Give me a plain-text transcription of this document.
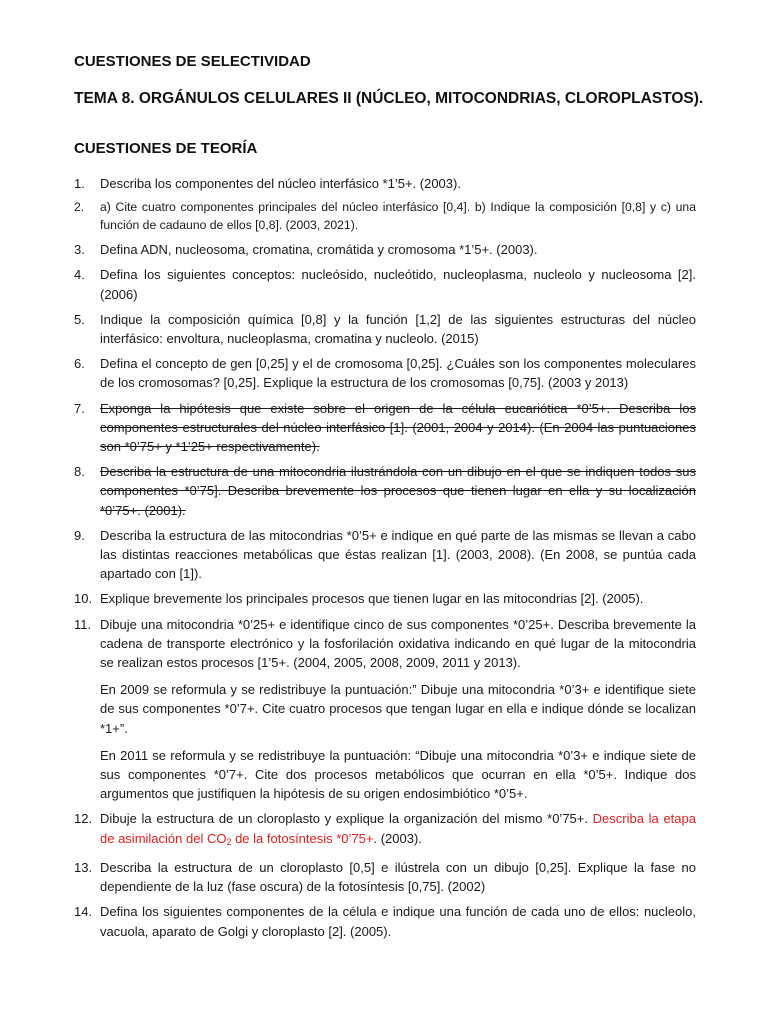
CUESTIONES DE SELECTIVIDAD
TEMA 8. ORGÁNULOS CELULARES II (NÚCLEO, MITOCONDRIAS, CLOROPLASTOS).
CUESTIONES DE TEORÍA
1. Describa los componentes del núcleo interfásico *1’5+. (2003).
2. a) Cite cuatro componentes principales del núcleo interfásico [0,4]. b) Indique la composición [0,8] y c) una función de cadauno de ellos [0,8]. (2003, 2021).
3. Defina ADN, nucleosoma, cromatina, cromátida y cromosoma *1’5+. (2003).
4. Defina los siguientes conceptos: nucleósido, nucleótido, nucleoplasma, nucleolo y nucleosoma [2]. (2006)
5. Indique la composición química [0,8] y la función [1,2] de las siguientes estructuras del núcleo interfásico: envoltura, nucleoplasma, cromatina y nucleolo. (2015)
6. Defina el concepto de gen [0,25] y el de cromosoma [0,25]. ¿Cuáles son los componentes moleculares de los cromosomas? [0,25]. Explique la estructura de los cromosomas [0,75]. (2003 y 2013)
7. Exponga la hipótesis que existe sobre el origen de la célula eucariótica *0’5+. Describa los componentes estructurales del núcleo interfásico [1]. (2001, 2004 y 2014). (En 2004 las puntuaciones son *0’75+ y *1’25+ respectivamente).
8. Describa la estructura de una mitocondria ilustrándola con un dibujo en el que se indiquen todos sus componentes *0’75]. Describa brevemente los procesos que tienen lugar en ella y su localización *0’75+. (2001).
9. Describa la estructura de las mitocondrias *0’5+ e indique en qué parte de las mismas se llevan a cabo las distintas reacciones metabólicas que éstas realizan [1]. (2003, 2008). (En 2008, se puntúa cada apartado con [1]).
10. Explique brevemente los principales procesos que tienen lugar en las mitocondrias [2]. (2005).
11. Dibuje una mitocondria *0’25+ e identifique cinco de sus componentes *0’25+. Describa brevemente la cadena de transporte electrónico y la fosforilación oxidativa indicando en qué lugar de la mitocondria se realizan estos procesos [1’5+. (2004, 2005, 2008, 2009, 2011 y 2013).
En 2009 se reformula y se redistribuye la puntuación:” Dibuje una mitocondria *0’3+ e identifique siete de sus componentes *0’7+. Cite cuatro procesos que tengan lugar en ella e indique dónde se localizan *1+”.
En 2011 se reformula y se redistribuye la puntuación: “Dibuje una mitocondria *0’3+ e indique siete de sus componentes *0’7+. Cite dos procesos metabólicos que ocurran en ella *0’5+. Indique dos argumentos que justifiquen la hipótesis de su origen endosimbiótico *0’5+.
12. Dibuje la estructura de un cloroplasto y explique la organización del mismo *0’75+. Describa la etapa de asimilación del $CO_2$ de la fotosíntesis *0’75+. (2003).
13. Describa la estructura de un cloroplasto [0,5] e ilústrela con un dibujo [0,25]. Explique la fase no dependiente de la luz (fase oscura) de la fotosíntesis [0,75]. (2002)
14. Defina los siguientes componentes de la célula e indique una función de cada uno de ellos: nucleolo, vacuola, aparato de Golgi y cloroplasto [2]. (2005).
